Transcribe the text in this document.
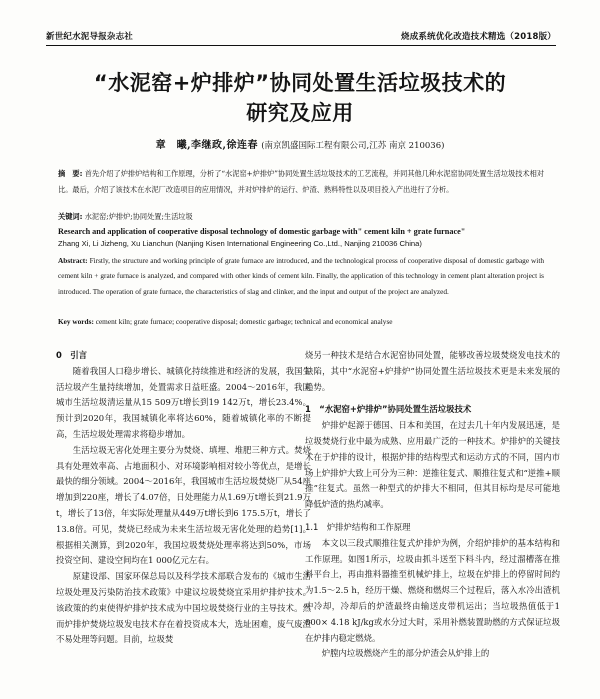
新世纪水泥导报杂志社	烧成系统优化改造技术精选（2018版）
“水泥窑+炉排炉”协同处置生活垃圾技术的
研究及应用
章　曦,李继政,徐连春 (南京凯盛国际工程有限公司,江苏 南京 210036)
摘　要: 首先介绍了炉排炉结构和工作原理，分析了“水泥窑+炉排炉”协同处置生活垃圾技术的工艺流程，并同其他几种水泥窑协同处置生活垃圾技术相对比。最后，介绍了该技术在水泥厂改造项目的应用情况，并对炉排炉的运行、炉渣、熟料特性以及项目投入产出进行了分析。
关键词: 水泥窑;炉排炉;协同处置;生活垃圾
Research and application of cooperative disposal technology of domestic garbage with" cement kiln + grate furnace"
Zhang Xi, Li Jizheng, Xu Lianchun (Nanjing Kisen International Engineering Co.,Ltd., Nanjing 210036 China)
Abstract: Firstly, the structure and working principle of grate furnace are introduced, and the technological process of cooperative disposal of domestic garbage with cement kiln + grate furnace is analyzed, and compared with other kinds of cement kiln. Finally, the application of this technology in cement plant alteration project is introduced. The operation of grate furnace, the characteristics of slag and clinker, and the input and output of the project are analyzed.
Key words: cement kiln; grate furnace; cooperative disposal; domestic garbage; technical and economical analyse

0　引言

随着我国人口稳步增长、城镇化持续推进和经济的发展，我国生活垃圾产生量持续增加，处置需求日益旺盛。2004～2016年，我国城市生活垃圾清运量从15 509万t增长到19 142万t，增长23.4%。预计到2020年，我国城镇化率将达60%，随着城镇化率的不断提高，生活垃圾处理需求将稳步增加。

生活垃圾无害化处理主要分为焚烧、填埋、堆肥三种方式。焚烧具有处理效率高、占地面积小、对环境影响相对较小等优点，是增长最快的细分领域。2004～2016年，我国城市生活垃圾焚烧厂从54座增加到220座，增长了4.07倍，日处理能力从1.69万t增长到21.9万t，增长了13倍，年实际处理量从449万t增长到6 175.5万t，增长了13.8倍。可见，焚烧已经成为未来生活垃圾无害化处理的趋势[1]。根据相关测算，到2020年，我国垃圾焚烧处理率将达到50%，市场投资空间、建设空间均在1 000亿元左右。

原建设部、国家环保总局以及科学技术部联合发布的《城市生活垃圾处理及污染防治技术政策》中建议垃圾焚烧宜采用炉排炉技术。该政策的约束使得炉排炉技术成为中国垃圾焚烧行业的主导技术。然而炉排炉焚烧垃圾发电技术存在着投资成本大，选址困难，废气废渣不易处理等问题。目前，垃圾焚

烧另一种技术是结合水泥窑协同处置，能够改善垃圾焚烧发电技术的缺陷，其中“水泥窑+炉排炉”协同处置生活垃圾技术更是未来发展的趋势。

1　“水泥窑+炉排炉”协同处置生活垃圾技术

炉排炉起源于德国、日本和美国，在过去几十年内发展迅速，是垃圾焚烧行业中最为成熟、应用最广泛的一种技术。炉排炉的关键技术在于炉排的设计，根据炉排的结构型式和运动方式的不同，国内市场上炉排炉大致上可分为三种：逆推往复式、顺推往复式和“逆推+顺推”往复式。虽然一种型式的炉排大不相同，但其目标均是尽可能地降低炉渣的热灼减率。

1.1　炉排炉结构和工作原理

本文以三段式顺推往复式炉排炉为例，介绍炉排炉的基本结构和工作原理。如图1所示，垃圾由抓斗送至下料斗内，经过溜槽落在推料平台上，再由推料器推至机械炉排上，垃圾在炉排上的停留时间约为1.5～2.5 h，经历干燥、燃烧和燃烬三个过程后，落入水冷出渣机中冷却，冷却后的炉渣最终由输送皮带机运出；当垃圾热值低于1 000× 4.18 kJ/kg或水分过大时，采用补燃装置助燃的方式保证垃圾在炉排内稳定燃烧。

炉膛内垃圾燃烧产生的部分炉渣会从炉排上的
